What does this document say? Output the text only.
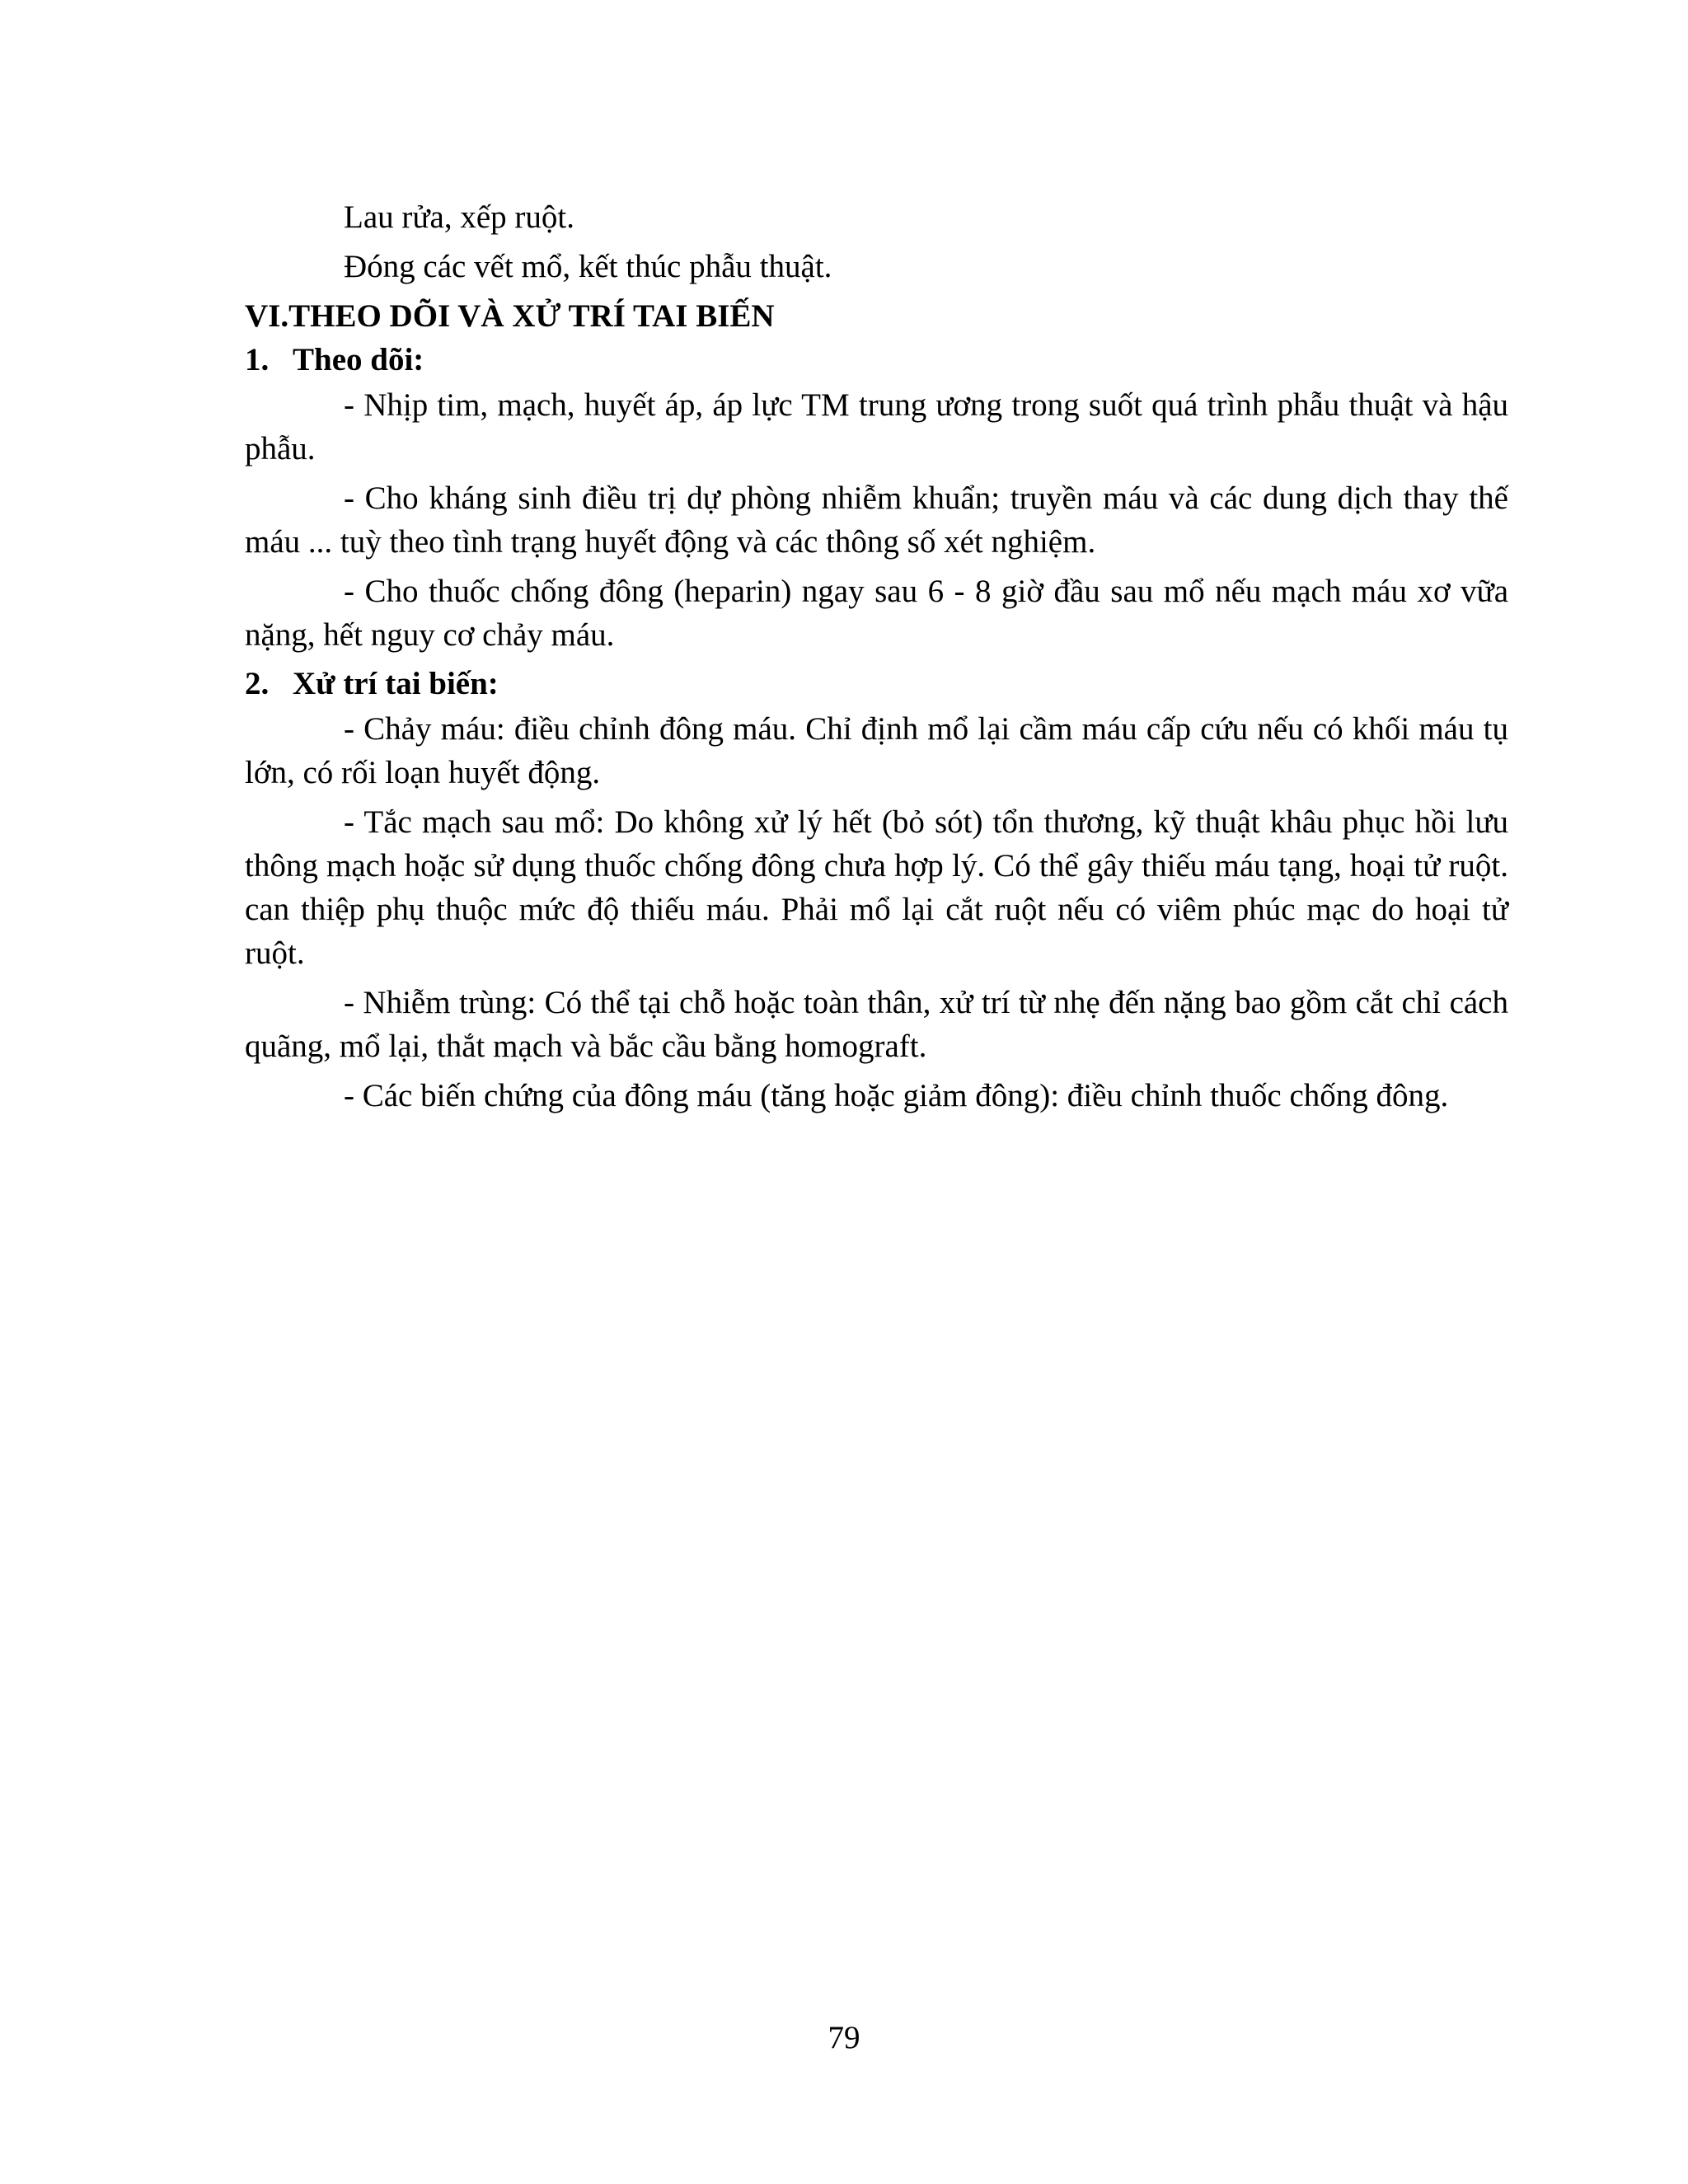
Lau rửa, xếp ruột.

Đóng các vết mổ, kết thúc phẫu thuật.

VI.THEO DÕI VÀ XỬ TRÍ TAI BIẾN

1. Theo dõi:

- Nhịp tim, mạch, huyết áp, áp lực TM trung ương trong suốt quá trình phẫu thuật và hậu phẫu.

- Cho kháng sinh điều trị dự phòng nhiễm khuẩn; truyền máu và các dung dịch thay thế máu ... tuỳ theo tình trạng huyết động và các thông số xét nghiệm.

- Cho thuốc chống đông (heparin) ngay sau 6 - 8 giờ đầu sau mổ nếu mạch máu xơ vữa nặng, hết nguy cơ chảy máu.

2. Xử trí tai biến:

- Chảy máu: điều chỉnh đông máu. Chỉ định mổ lại cầm máu cấp cứu nếu có khối máu tụ lớn, có rối loạn huyết động.

- Tắc mạch sau mổ: Do không xử lý hết (bỏ sót) tổn thương, kỹ thuật khâu phục hồi lưu thông mạch hoặc sử dụng thuốc chống đông chưa hợp lý. Có thể gây thiếu máu tạng, hoại tử ruột. can thiệp phụ thuộc mức độ thiếu máu. Phải mổ lại cắt ruột nếu có viêm phúc mạc do hoại tử ruột.

- Nhiễm trùng: Có thể tại chỗ hoặc toàn thân, xử trí từ nhẹ đến nặng bao gồm cắt chỉ cách quãng, mổ lại, thắt mạch và bắc cầu bằng homograft.

- Các biến chứng của đông máu (tăng hoặc giảm đông): điều chỉnh thuốc chống đông.

79
